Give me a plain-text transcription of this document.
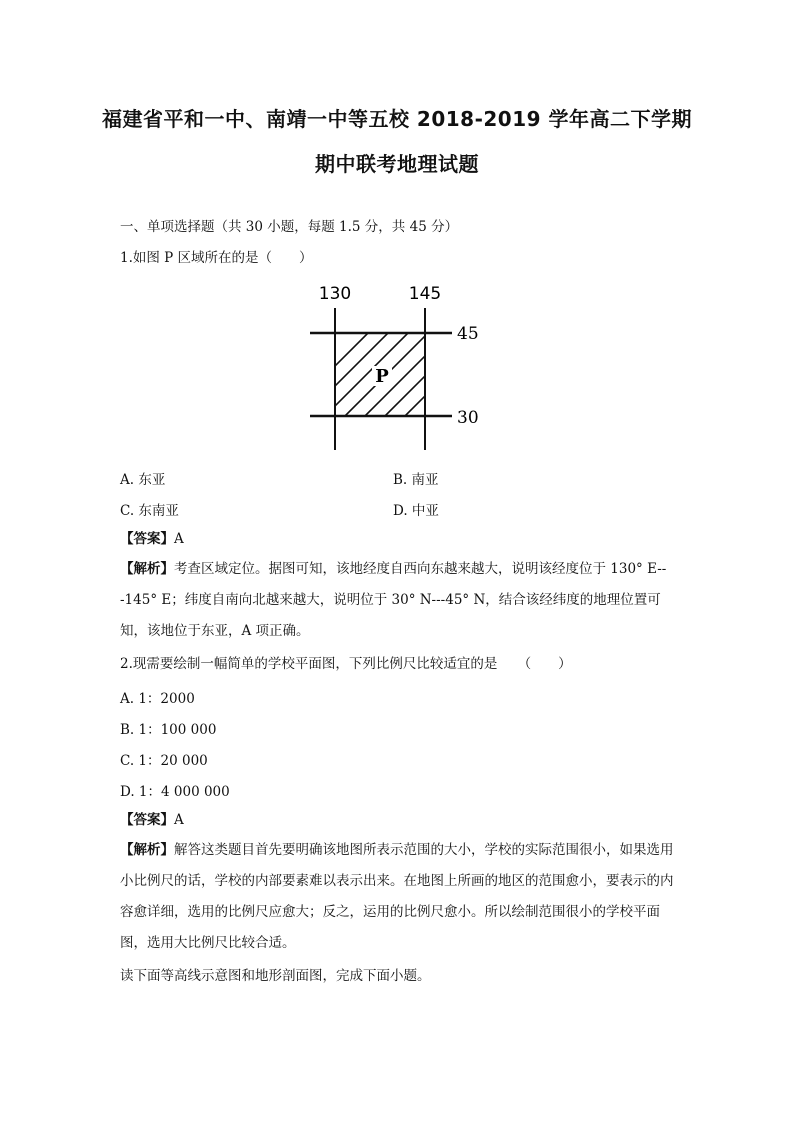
福建省平和一中、南靖一中等五校 2018-2019 学年高二下学期
期中联考地理试题
一、单项选择题（共 30 小题，每题 1.5 分，共 45 分）
1.如图 P 区域所在的是（　　）
P
130	145
45
30
A. 东亚	B. 南亚
C. 东南亚	D. 中亚
【答案】A
【解析】考查区域定位。据图可知，该地经度自西向东越来越大，说明该经度位于 130° E---145° E；纬度自南向北越来越大，说明位于 30° N---45° N，结合该经纬度的地理位置可知，该地位于东亚，A 项正确。
2.现需要绘制一幅简单的学校平面图，下列比例尺比较适宜的是　　（　　）
A. 1：2000
B. 1：100 000
C. 1：20 000
D. 1：4 000 000
【答案】A
【解析】解答这类题目首先要明确该地图所表示范围的大小，学校的实际范围很小，如果选用小比例尺的话，学校的内部要素难以表示出来。在地图上所画的地区的范围愈小，要表示的内容愈详细，选用的比例尺应愈大；反之，运用的比例尺愈小。所以绘制范围很小的学校平面图，选用大比例尺比较合适。
读下面等高线示意图和地形剖面图，完成下面小题。
